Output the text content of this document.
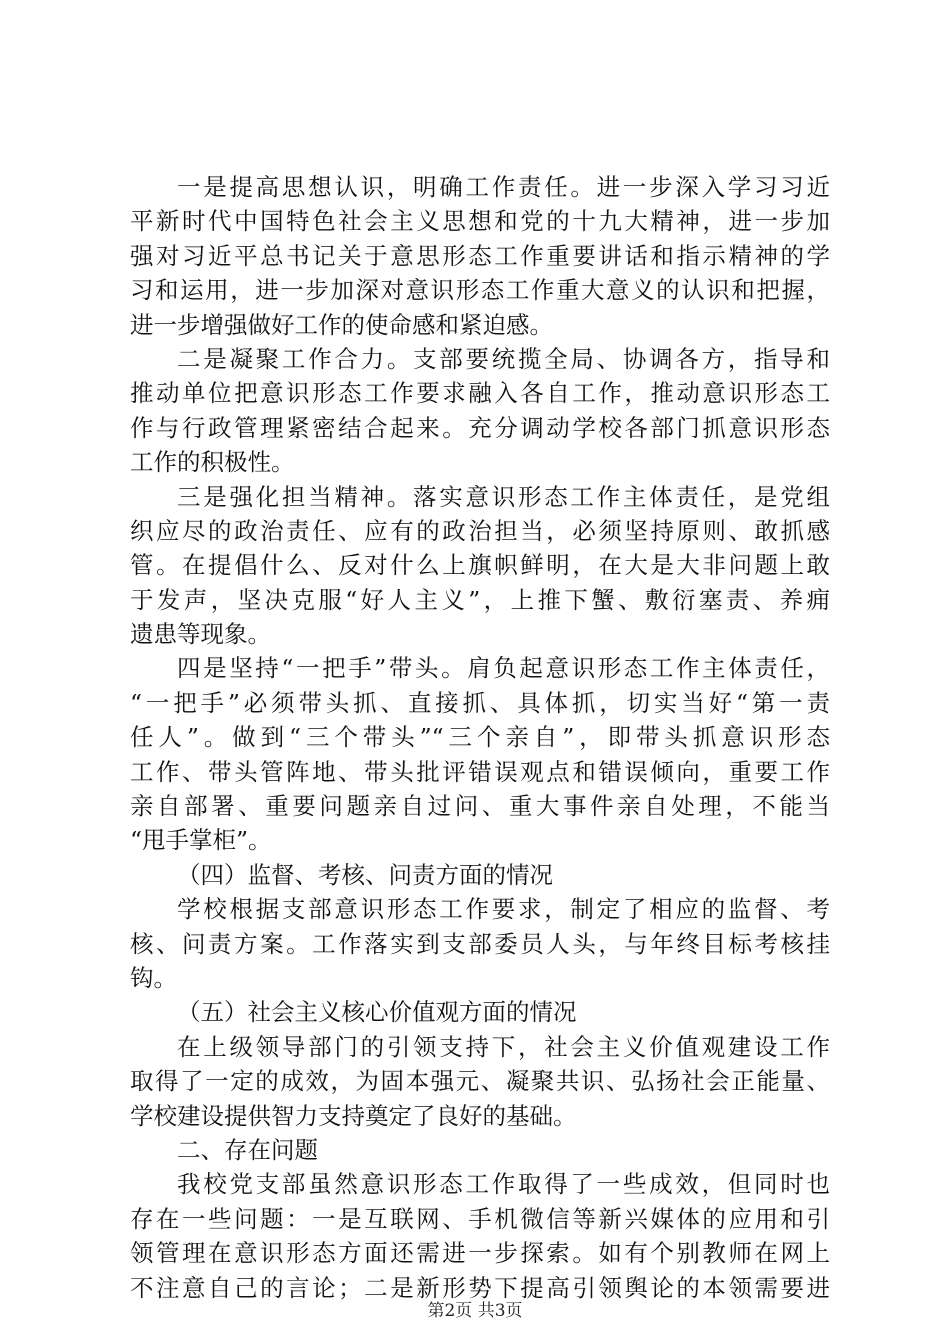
一是提高思想认识，明确工作责任。进一步深入学习习近
平新时代中国特色社会主义思想和党的十九大精神，进一步加
强对习近平总书记关于意思形态工作重要讲话和指示精神的学
习和运用，进一步加深对意识形态工作重大意义的认识和把握，
进一步增强做好工作的使命感和紧迫感。
二是凝聚工作合力。支部要统揽全局、协调各方，指导和
推动单位把意识形态工作要求融入各自工作，推动意识形态工
作与行政管理紧密结合起来。充分调动学校各部门抓意识形态
工作的积极性。
三是强化担当精神。落实意识形态工作主体责任，是党组
织应尽的政治责任、应有的政治担当，必须坚持原则、敢抓感
管。在提倡什么、反对什么上旗帜鲜明，在大是大非问题上敢
于发声，坚决克服“好人主义”，上推下蟹、敷衍塞责、养痈
遗患等现象。
四是坚持“一把手”带头。肩负起意识形态工作主体责任，
“一把手”必须带头抓、直接抓、具体抓，切实当好“第一责
任人”。做到“三个带头”“三个亲自”，即带头抓意识形态
工作、带头管阵地、带头批评错误观点和错误倾向，重要工作
亲自部署、重要问题亲自过问、重大事件亲自处理，不能当
“甩手掌柜”。
（四）监督、考核、问责方面的情况
学校根据支部意识形态工作要求，制定了相应的监督、考
核、问责方案。工作落实到支部委员人头，与年终目标考核挂
钩。
（五）社会主义核心价值观方面的情况
在上级领导部门的引领支持下，社会主义价值观建设工作
取得了一定的成效，为固本强元、凝聚共识、弘扬社会正能量、
学校建设提供智力支持奠定了良好的基础。
二、存在问题
我校党支部虽然意识形态工作取得了一些成效，但同时也
存在一些问题：一是互联网、手机微信等新兴媒体的应用和引
领管理在意识形态方面还需进一步探索。如有个别教师在网上
不注意自己的言论；二是新形势下提高引领舆论的本领需要进
第2页 共3页
